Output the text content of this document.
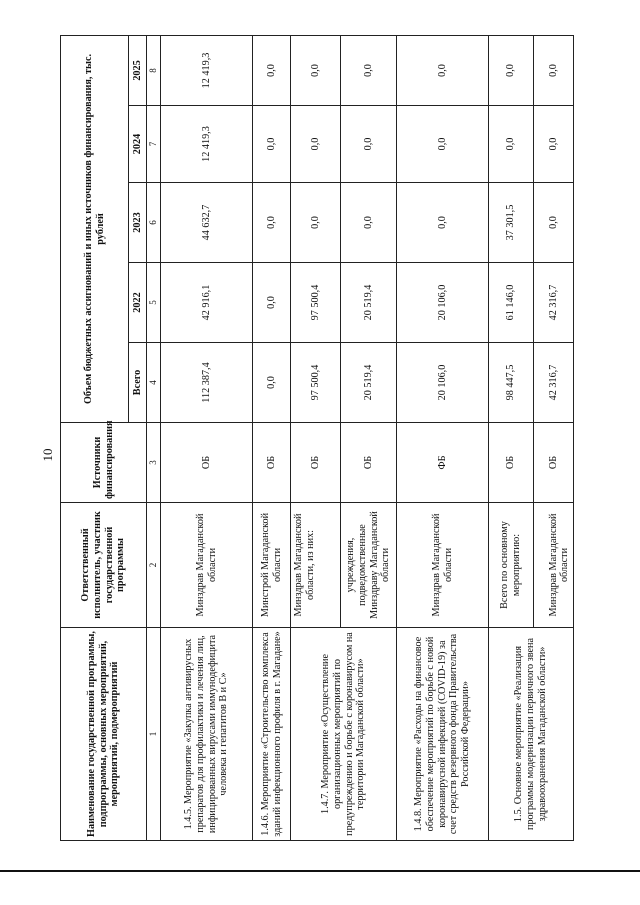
10
Наименование государственной программы, подпрограммы, основных мероприятий, мероприятий, подмероприятий	Ответственный исполнитель, участник государственной программы	Источники финансирования	Объем бюджетных ассигнований и иных источников финансирования, тыс. рублей				
			Всего	2022	2023	2024	2025
1	2	3	4	5	6	7	8
1.4.5. Мероприятие «Закупка антивирусных препаратов для профилактики и лечения лиц, инфицированных вирусами иммунодефицита человека и гепатитов B и C»	Минздрав Магаданской области	ОБ	112 387,4	42 916,1	44 632,7	12 419,3	12 419,3
1.4.6. Мероприятие «Строительство комплекса зданий инфекционного профиля в г. Магадане»	Минстрой Магаданской области	ОБ	0,0	0,0	0,0	0,0	0,0
1.4.7. Мероприятие «Осуществление организационных мероприятий по предупреждению и борьбе с коронавирусом на территории Магаданской области»	Минздрав Магаданской области, из них:	ОБ	97 500,4	97 500,4	0,0	0,0	0,0
	учреждения, подведомственные Минздраву Магаданской области	ОБ	20 519,4	20 519,4	0,0	0,0	0,0
1.4.8. Мероприятие «Расходы на финансовое обеспечение мероприятий по борьбе с новой коронавирусной инфекцией (COVID-19) за счет средств резервного фонда Правительства Российской Федерации»	Минздрав Магаданской области	ФБ	20 106,0	20 106,0	0,0	0,0	0,0
1.5. Основное мероприятие «Реализация программы модернизации первичного звена здравоохранения Магаданской области»	Всего по основному мероприятию:	ОБ	98 447,5	61 146,0	37 301,5	0,0	0,0
	Минздрав Магаданской области	ОБ	42 316,7	42 316,7	0,0	0,0	0,0
